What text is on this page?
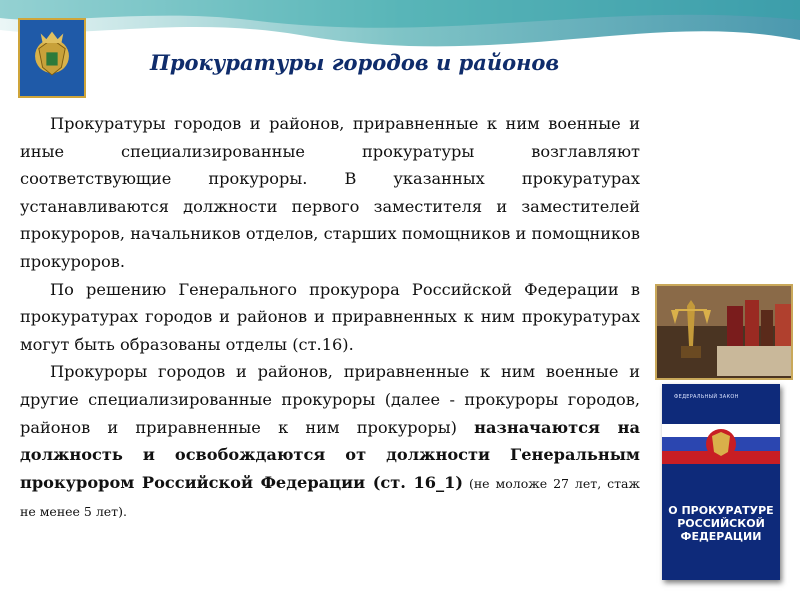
Прокуратуры городов и районов

Прокуратуры городов и районов, приравненные к ним военные и иные специализированные прокуратуры возглавляют соответствующие прокуроры. В указанных прокуратурах устанавливаются должности первого заместителя и заместителей прокуроров, начальников отделов, старших помощников и помощников прокуроров.

По решению Генерального прокурора Российской Федерации в прокуратурах городов и районов и приравненных к ним прокуратурах могут быть образованы отделы (ст.16).

Прокуроры городов и районов, приравненные к ним военные и другие специализированные прокуроры (далее - прокуроры городов, районов и приравненные к ним прокуроры) назначаются на должность и освобождаются от должности Генеральным прокурором Российской Федерации (ст. 16_1) (не моложе 27 лет, стаж не менее 5 лет).

ФЕДЕРАЛЬНЫЙ ЗАКОН
О ПРОКУРАТУРЕ РОССИЙСКОЙ ФЕДЕРАЦИИ
